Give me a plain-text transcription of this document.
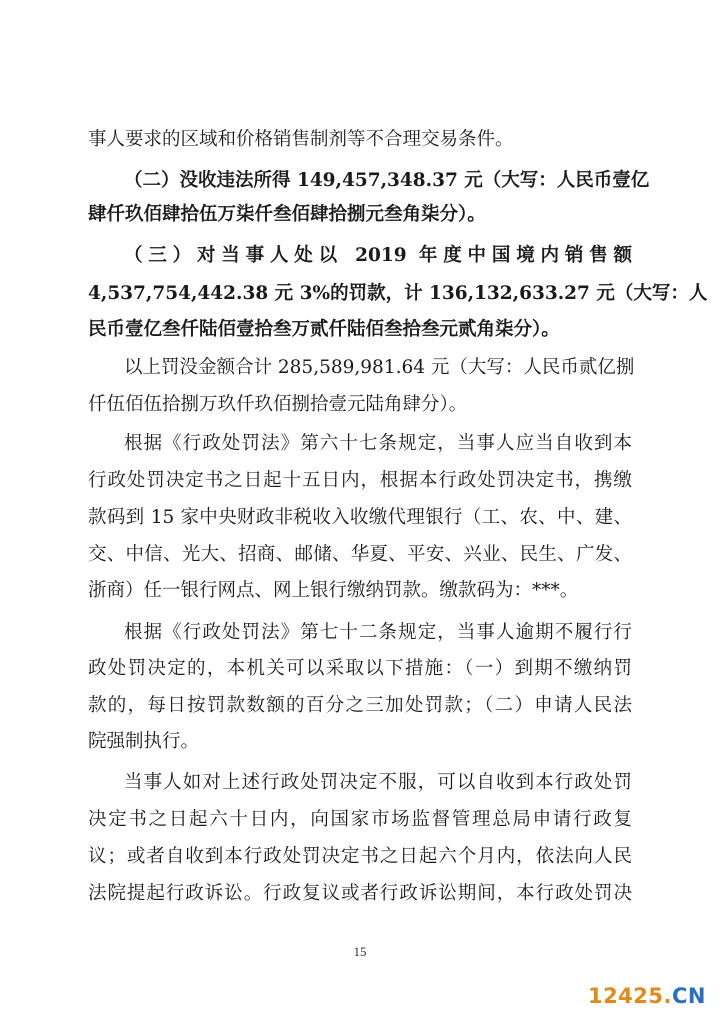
事人要求的区域和价格销售制剂等不合理交易条件。
（二）没收违法所得 149,457,348.37 元（大写：人民币壹亿
肆仟玖佰肆拾伍万柒仟叁佰肆拾捌元叁角柒分）。
（三）对当事人处以 2019 年度中国境内销售额
4,537,754,442.38 元 3%的罚款，计 136,132,633.27 元（大写：人
民币壹亿叁仟陆佰壹拾叁万贰仟陆佰叁拾叁元贰角柒分）。
以上罚没金额合计 285,589,981.64 元（大写：人民币贰亿捌
仟伍佰伍拾捌万玖仟玖佰捌拾壹元陆角肆分）。
根据《行政处罚法》第六十七条规定，当事人应当自收到本
行政处罚决定书之日起十五日内，根据本行政处罚决定书，携缴
款码到 15 家中央财政非税收入收缴代理银行（工、农、中、建、
交、中信、光大、招商、邮储、华夏、平安、兴业、民生、广发、
浙商）任一银行网点、网上银行缴纳罚款。缴款码为：***。
根据《行政处罚法》第七十二条规定，当事人逾期不履行行
政处罚决定的，本机关可以采取以下措施：（一）到期不缴纳罚
款的，每日按罚款数额的百分之三加处罚款；（二）申请人民法
院强制执行。
当事人如对上述行政处罚决定不服，可以自收到本行政处罚
决定书之日起六十日内，向国家市场监督管理总局申请行政复
议；或者自收到本行政处罚决定书之日起六个月内，依法向人民
法院提起行政诉讼。行政复议或者行政诉讼期间，本行政处罚决
15
12425.CN
